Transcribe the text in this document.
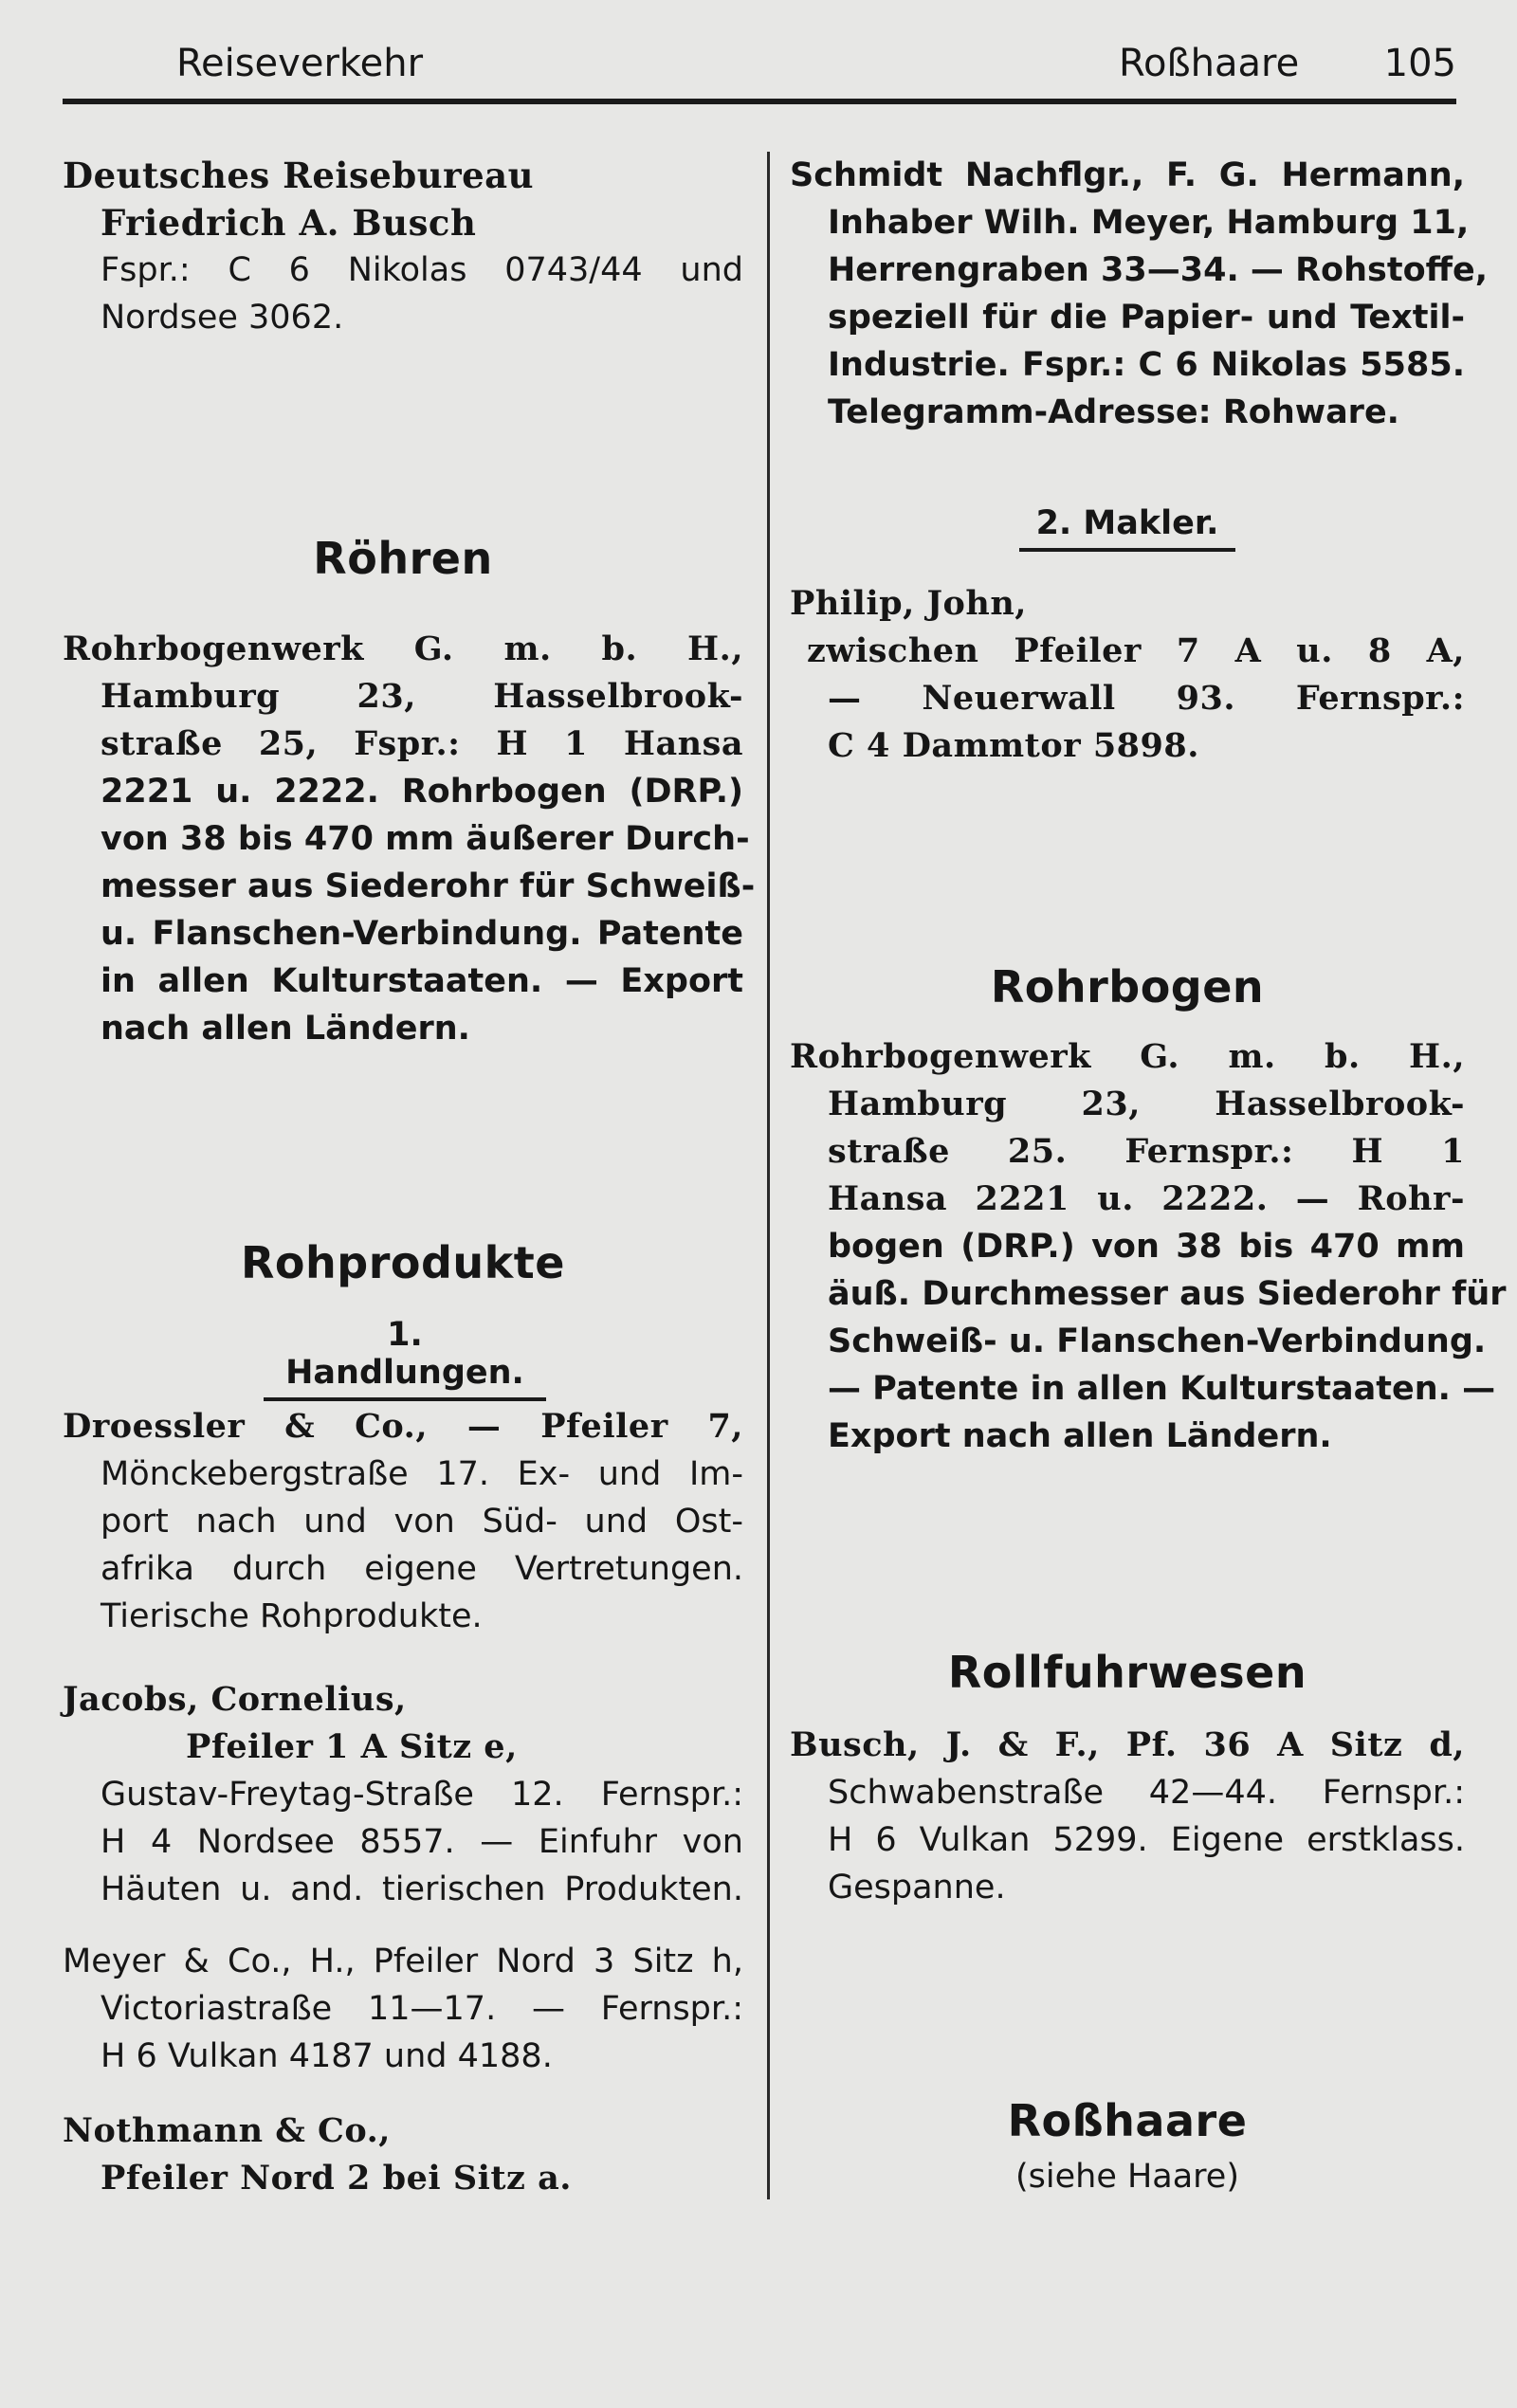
Reiseverkehr	Roßhaare 105
Deutsches Reisebureau
Friedrich A. Busch
Fspr.: C 6 Nikolas 0743/44 und
Nordsee 3062.
Röhren
Rohrbogenwerk G. m. b. H.,
Hamburg 23, Hasselbrook-
straße 25, Fspr.: H 1 Hansa
2221 u. 2222. Rohrbogen (DRP.)
von 38 bis 470 mm äußerer Durch-
messer aus Siederohr für Schweiß-
u. Flanschen-Verbindung. Patente
in allen Kulturstaaten. — Export
nach allen Ländern.
Rohprodukte
1. Handlungen.
Droessler & Co., — Pfeiler 7,
Mönckebergstraße 17. Ex- und Im-
port nach und von Süd- und Ost-
afrika durch eigene Vertretungen.
Tierische Rohprodukte.
Jacobs, Cornelius,
Pfeiler 1 A Sitz e,
Gustav-Freytag-Straße 12. Fernspr.:
H 4 Nordsee 8557. — Einfuhr von
Häuten u. and. tierischen Produkten.
Meyer & Co., H., Pfeiler Nord 3 Sitz h,
Victoriastraße 11—17. — Fernspr.:
H 6 Vulkan 4187 und 4188.
Nothmann & Co.,
Pfeiler Nord 2 bei Sitz a.
Schmidt Nachflgr., F. G. Hermann,
Inhaber Wilh. Meyer, Hamburg 11,
Herrengraben 33—34. — Rohstoffe,
speziell für die Papier- und Textil-
Industrie. Fspr.: C 6 Nikolas 5585.
Telegramm-Adresse: Rohware.
2. Makler.
Philip, John,
zwischen Pfeiler 7 A u. 8 A,
— Neuerwall 93. Fernspr.:
C 4 Dammtor 5898.
Rohrbogen
Rohrbogenwerk G. m. b. H.,
Hamburg 23, Hasselbrook-
straße 25. Fernspr.: H 1
Hansa 2221 u. 2222. — Rohr-
bogen (DRP.) von 38 bis 470 mm
äuß. Durchmesser aus Siederohr für
Schweiß- u. Flanschen-Verbindung.
— Patente in allen Kulturstaaten. —
Export nach allen Ländern.
Rollfuhrwesen
Busch, J. & F., Pf. 36 A Sitz d,
Schwabenstraße 42—44. Fernspr.:
H 6 Vulkan 5299. Eigene erstklass.
Gespanne.
Roßhaare
(siehe Haare)
